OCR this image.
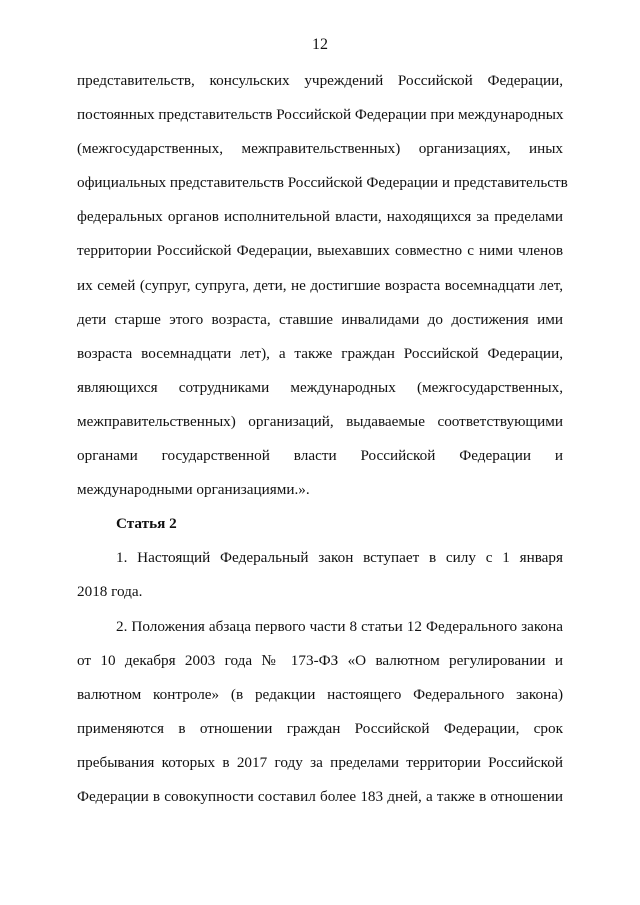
12
представительств, консульских учреждений Российской Федерации,
постоянных представительств Российской Федерации при международных
(межгосударственных, межправительственных) организациях, иных
официальных представительств Российской Федерации и представительств
федеральных органов исполнительной власти, находящихся за пределами
территории Российской Федерации, выехавших совместно с ними членов
их семей (супруг, супруга, дети, не достигшие возраста восемнадцати лет,
дети старше этого возраста, ставшие инвалидами до достижения ими
возраста восемнадцати лет), а также граждан Российской Федерации,
являющихся сотрудниками международных (межгосударственных,
межправительственных) организаций, выдаваемые соответствующими
органами государственной власти Российской Федерации и
международными организациями.».
Статья 2
1. Настоящий Федеральный закон вступает в силу с 1 января
2018 года.
2. Положения абзаца первого части 8 статьи 12 Федерального закона
от 10 декабря 2003 года № 173-ФЗ «О валютном регулировании и
валютном контроле» (в редакции настоящего Федерального закона)
применяются в отношении граждан Российской Федерации, срок
пребывания которых в 2017 году за пределами территории Российской
Федерации в совокупности составил более 183 дней, а также в отношении
